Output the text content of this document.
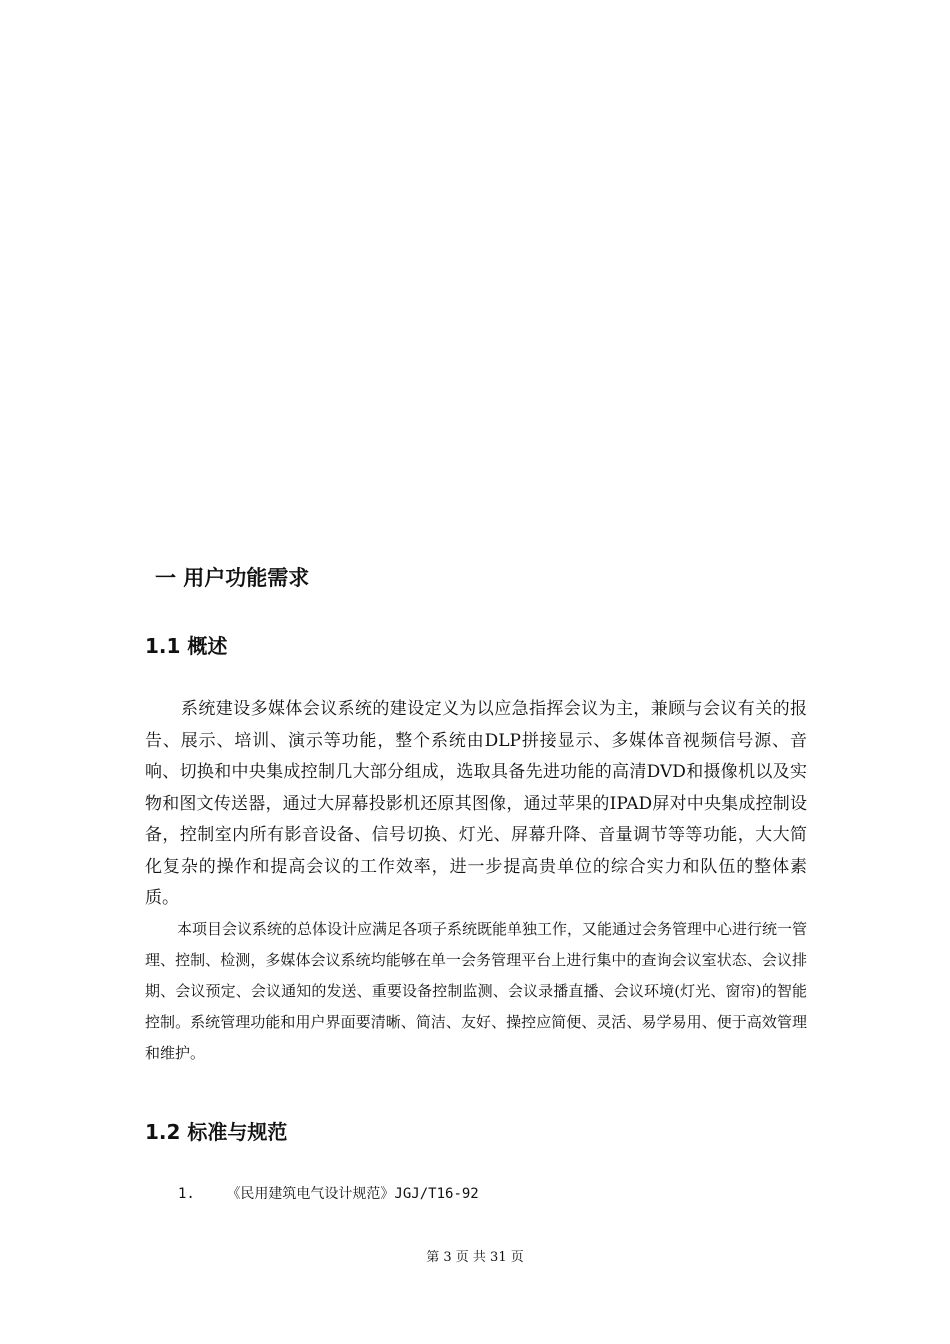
一 用户功能需求
1.1 概述

系统建设多媒体会议系统的建设定义为以应急指挥会议为主，兼顾与会议有关的报告、展示、培训、演示等功能，整个系统由DLP拼接显示、多媒体音视频信号源、音响、切换和中央集成控制几大部分组成，选取具备先进功能的高清DVD和摄像机以及实物和图文传送器，通过大屏幕投影机还原其图像，通过苹果的IPAD屏对中央集成控制设备，控制室内所有影音设备、信号切换、灯光、屏幕升降、音量调节等等功能，大大简化复杂的操作和提高会议的工作效率，进一步提高贵单位的综合实力和队伍的整体素质。

本项目会议系统的总体设计应满足各项子系统既能单独工作，又能通过会务管理中心进行统一管理、控制、检测，多媒体会议系统均能够在单一会务管理平台上进行集中的查询会议室状态、会议排期、会议预定、会议通知的发送、重要设备控制监测、会议录播直播、会议环境(灯光、窗帘)的智能控制。系统管理功能和用户界面要清晰、简洁、友好、操控应简便、灵活、易学易用、便于高效管理和维护。

1.2 标准与规范
1. 《民用建筑电气设计规范》JGJ/T16-92
第 3 页 共 31 页
